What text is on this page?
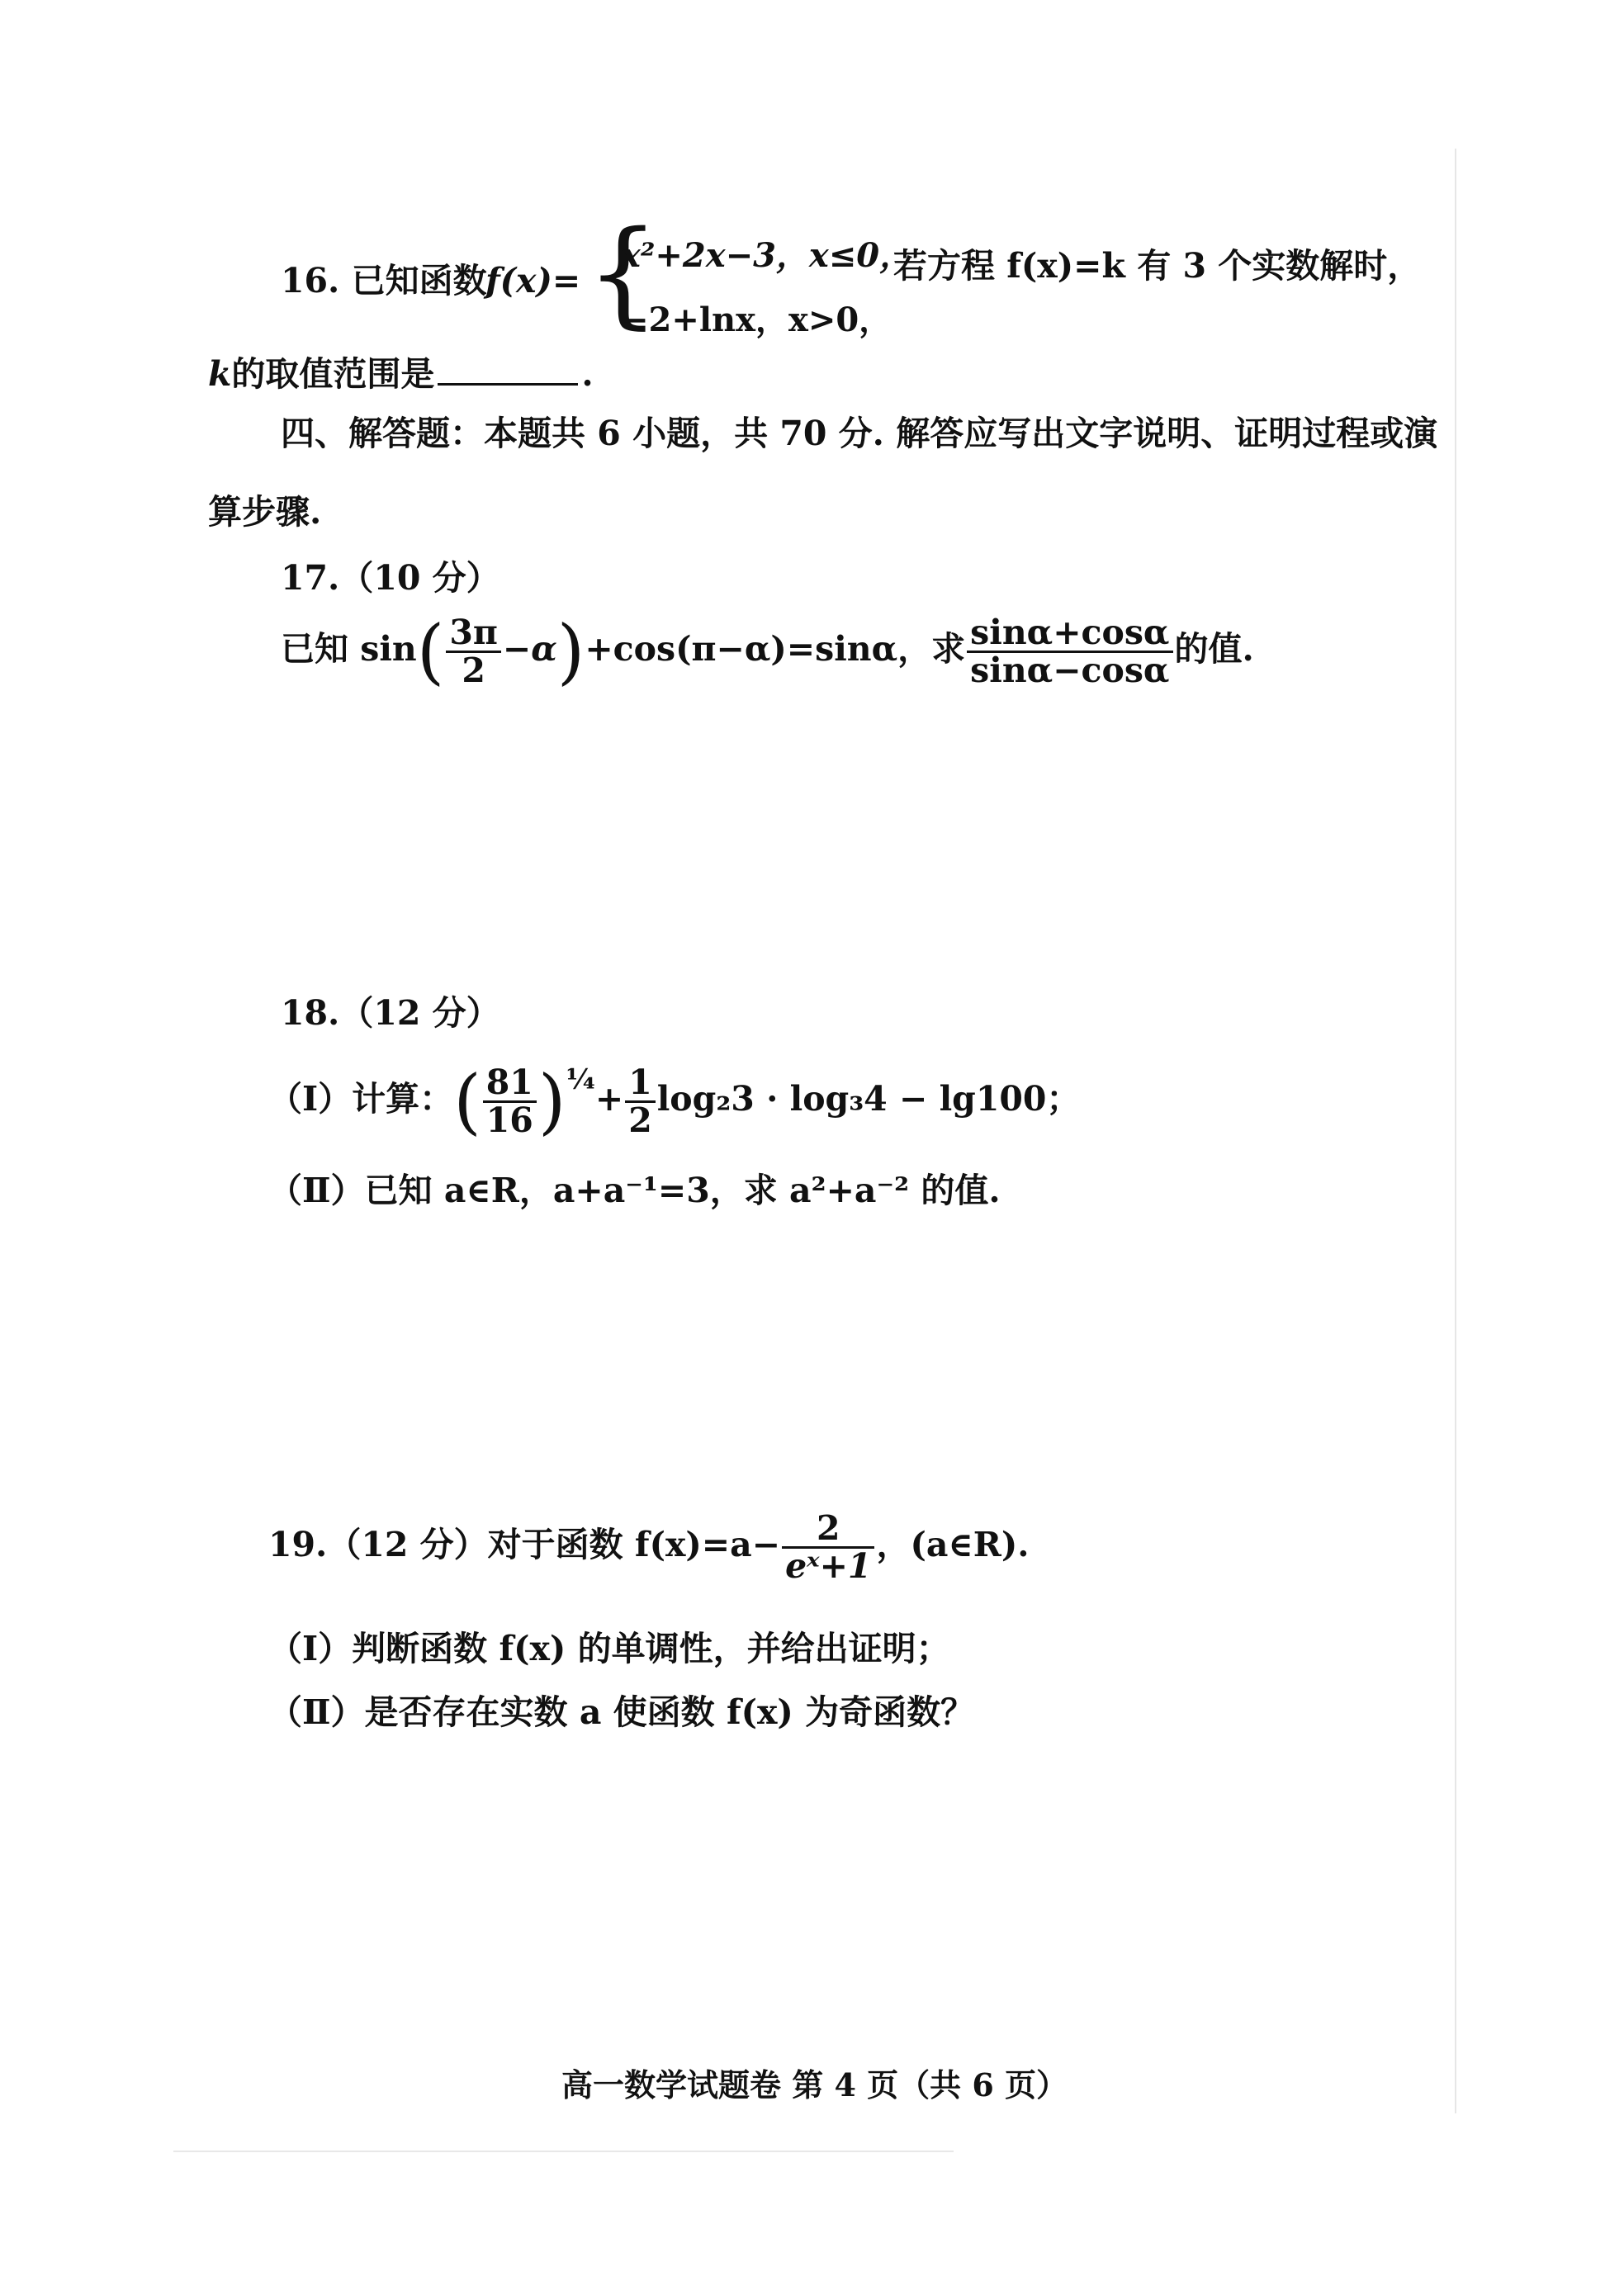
16. 已知函数
f(x)= {
x²+2x−3，x≤0，
−2+lnx，x>0，
若方程 f(x)=k 有 3 个实数解时，
k的取值范围是	.
四、解答题：本题共 6 小题，共 70 分. 解答应写出文字说明、证明过程或演
算步骤.
17.（10 分）
已知 $\sin( \frac{3\pi}{2} -\alpha)+\cos(\pi-\alpha)=\sin\alpha$，求 $\frac{\sin\alpha+\cos\alpha}{\sin\alpha-\cos\alpha}$ 的值.
18.（12 分）
（Ⅰ）计算：( $\frac{81}{16} )^{\frac{1}{4}}+ \frac{1}{2} \log_23 \cdot \log_34 - \lg 100$；
（Ⅱ）已知 a∈R，a+a⁻¹=3，求 a²+a⁻² 的值.
19.（12 分）对于函数 $f(x)=a- \frac{2}{\text{eˣ+1}}$ ，(a∈R).
（Ⅰ）判断函数 f(x) 的单调性，并给出证明；
（Ⅱ）是否存在实数 a 使函数 f(x) 为奇函数？
高一数学试题卷 第 4 页（共 6 页）
